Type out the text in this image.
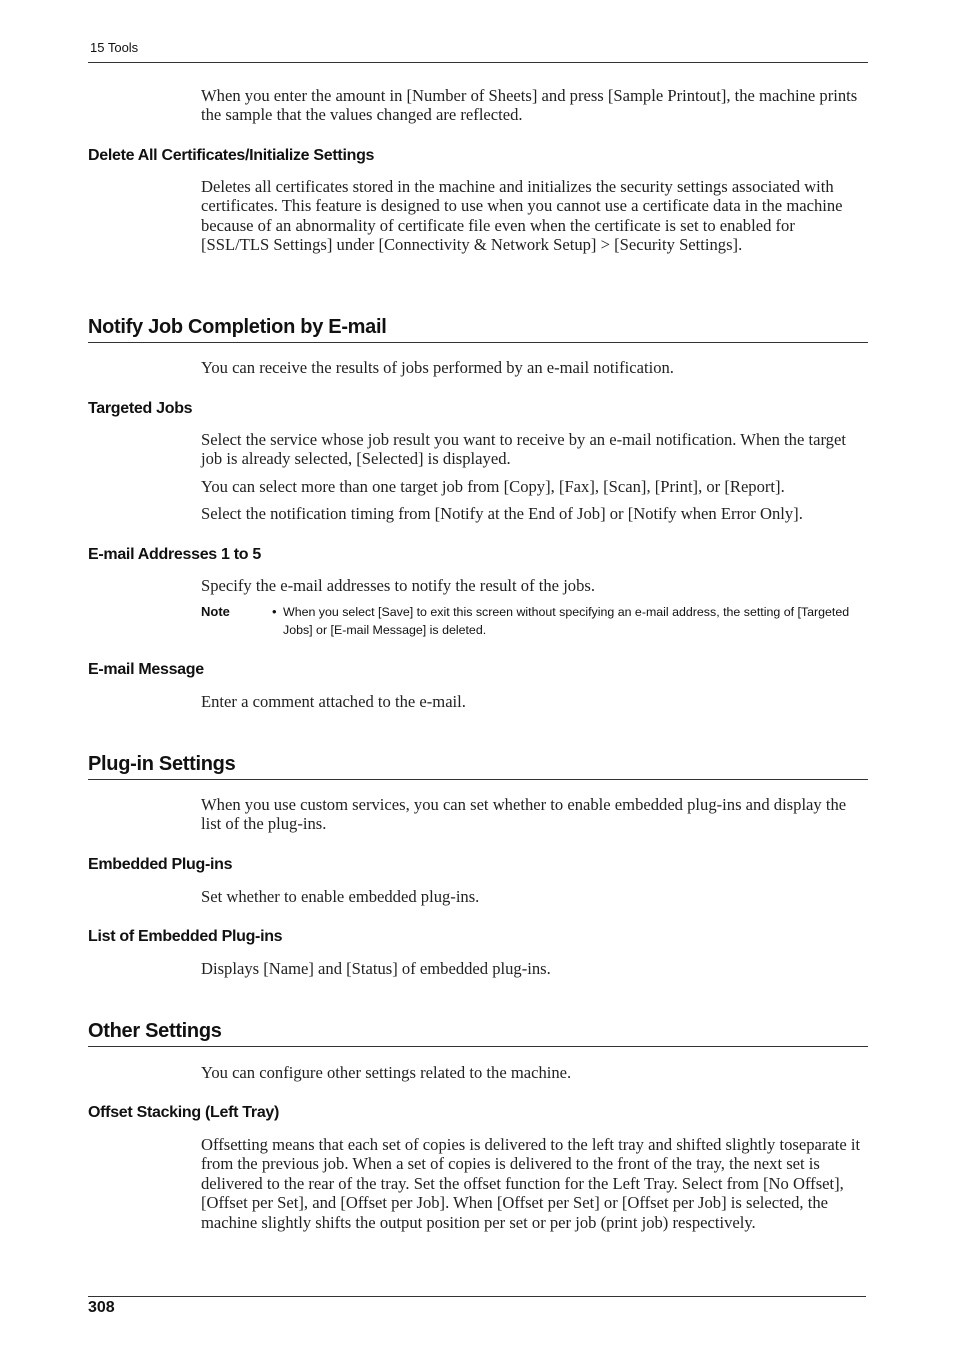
15 Tools

When you enter the amount in [Number of Sheets] and press [Sample Printout], the machine prints the sample that the values changed are reflected.

Delete All Certificates/Initialize Settings

Deletes all certificates stored in the machine and initializes the security settings associated with certificates. This feature is designed to use when you cannot use a certificate data in the machine because of an abnormality of certificate file even when the certificate is set to enabled for [SSL/TLS Settings] under [Connectivity & Network Setup] > [Security Settings].

Notify Job Completion by E-mail

You can receive the results of jobs performed by an e-mail notification.

Targeted Jobs

Select the service whose job result you want to receive by an e-mail notification. When the target job is already selected, [Selected] is displayed.

You can select more than one target job from [Copy], [Fax], [Scan], [Print], or [Report].

Select the notification timing from [Notify at the End of Job] or [Notify when Error Only].

E-mail Addresses 1 to 5

Specify the e-mail addresses to notify the result of the jobs.

Note	• When you select [Save] to exit this screen without specifying an e-mail address, the setting of [Targeted Jobs] or [E-mail Message] is deleted.

E-mail Message

Enter a comment attached to the e-mail.

Plug-in Settings

When you use custom services, you can set whether to enable embedded plug-ins and display the list of the plug-ins.

Embedded Plug-ins

Set whether to enable embedded plug-ins.

List of Embedded Plug-ins

Displays [Name] and [Status] of embedded plug-ins.

Other Settings

You can configure other settings related to the machine.

Offset Stacking (Left Tray)

Offsetting means that each set of copies is delivered to the left tray and shifted slightly toseparate it from the previous job. When a set of copies is delivered to the front of the tray, the next set is delivered to the rear of the tray. Set the offset function for the Left Tray. Select from [No Offset], [Offset per Set], and [Offset per Job]. When [Offset per Set] or [Offset per Job] is selected, the machine slightly shifts the output position per set or per job (print job) respectively.

308
